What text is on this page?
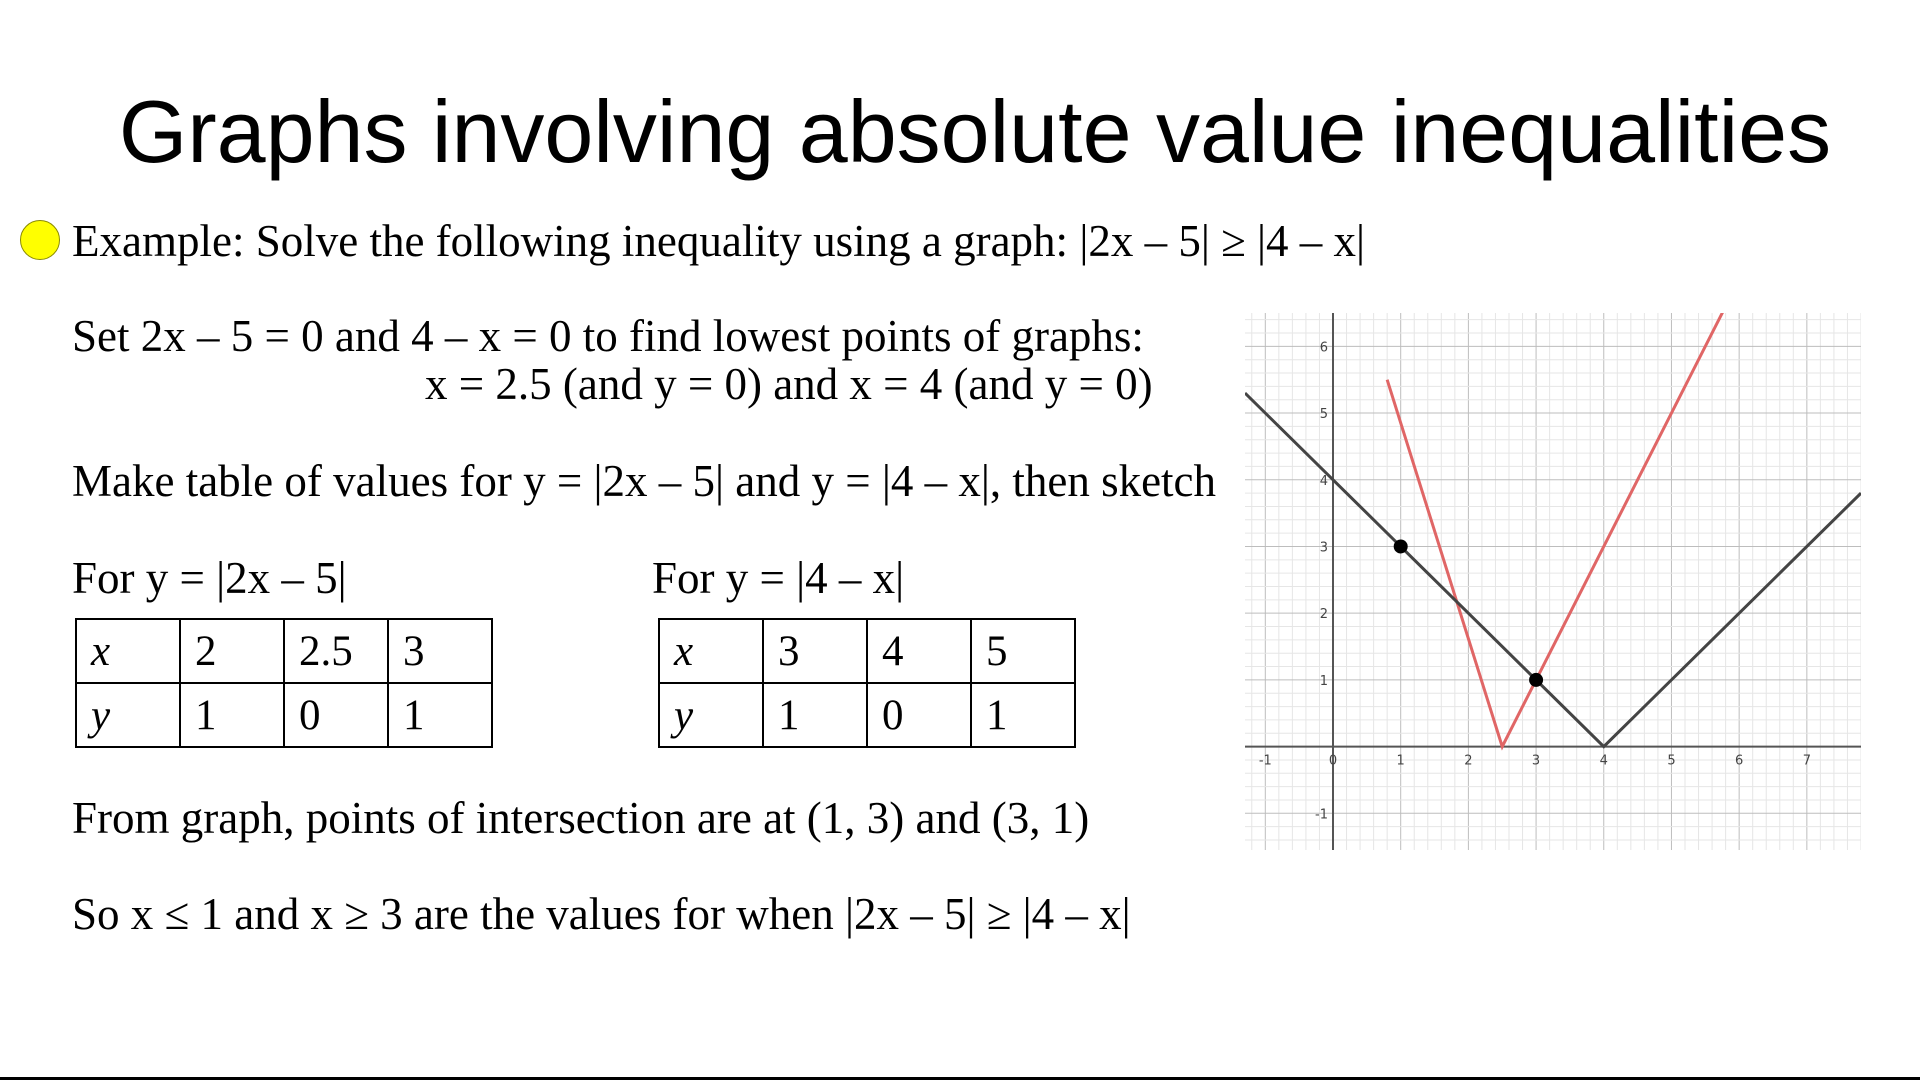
Graphs involving absolute value inequalities
Example: Solve the following inequality using a graph: |2x – 5| ≥ |4 – x|
Set 2x – 5 = 0 and 4 – x = 0 to find lowest points of graphs:
x = 2.5 (and y = 0) and x = 4 (and y = 0)
Make table of values for y = |2x – 5| and y = |4 – x|, then sketch
For y = |2x – 5|	For y = |4 – x|
x	2	2.5	3
y	1	0	1
x	3	4	5
y	1	0	1
From graph, points of intersection are at (1, 3) and (3, 1)
So x ≤ 1 and x ≥ 3 are the values for when |2x – 5| ≥ |4 – x|
-1	0	1	2	3	4	5	6	7
-1
1
2
3
4
5
6
